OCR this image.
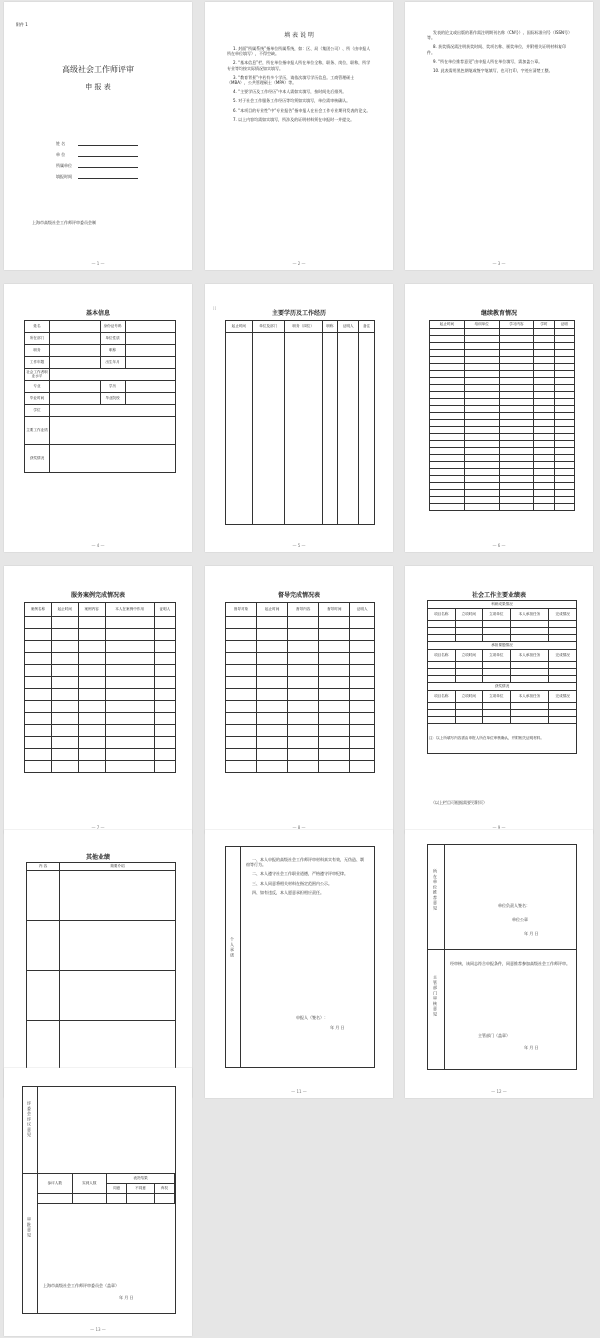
附件 1
高级社会工作师评审
申 报 表
姓 名
单 位
所属单位
填报时间
上海市高级社会工作师评审委员会制
— 1 —
填 表 说 明
1. 封面“所属系统”指单位所属系统，如：区、局（集团公司）、所（由申报人所在单位填写），不得空缺。
2. “基本信息”栏，所在单位指申报人所在单位全称，职务、岗位，职称，所学专业等均按实际情况如实填写。
3. “教育背景”中若有多个学历，请依次填写学历信息。工商管理硕士（MBA），公共管理硕士（MPA）等。
4. “主要学历及工作经历”中本人需如实填写，按时间先后排列。
5. 对于社会工作服务工作经历等均须如实填写，单位需审核确认。
6. “本项目的专业性”中“专业报告”指申报人在社会工作专业期刊发表的论文。
7. 以上内容均需如实填写，所涉及的证明材料须在申报时一并提交。
— 2 —
发表的论文或出版的著作需注明期刊名称（CN号）、国际标准刊号（ISSN号）等。
8. 获奖情况需注明获奖时间、奖项名称、颁奖单位，并附相关证明材料复印件。
9. “所在单位推荐意见”由申报人所在单位填写，需加盖公章。
10. 此表需用黑色钢笔或签字笔填写，也可打印，字迹应清楚工整。
— 3 —
基本信息
姓名		身份证号码	
所在部门		单位性质	
职务		职称	
工作年限		出生年月	
社会工作者职业水平			
专业		学历	
毕业时间		毕业院校	
学位			
主要工作业绩			
获奖情况			
— 4 —
主要学历及工作经历
起止时间	单位及部门	职务（岗位）	职称	证明人	备注

⁞⁞
— 5 —
继续教育情况
起止时间	培训单位	学习内容	学时	证明

— 6 —
服务案例完成情况表
案例名称	起止时间	案例内容	本人在案例中作用	证明人

— 7 —
督导完成情况表
督导对象	起止时间	督导内容	督导时间	证明人

— 8 —
社会工作主要业绩表
科研成果情况				
项目名称	立项时间	立项单位	本人承担任务	完成情况

承担课题情况				
项目名称	立项时间	立项单位	本人承担任务	完成情况

获奖情况				
项目名称	立项时间	立项单位	本人承担任务	完成情况

注：以上所填写内容需由申报人所在单位审核确认，并附相关证明材料。				
（以上栏目可根据需要另附页）
— 9 —
其他业绩
内 容	简要介绍

个 人 承 诺
一、本人申报的高级社会工作师评审材料真实有效，无伪造、剽窃等行为。
二、本人遵守社会工作职业道德，严格遵守评审纪律。
三、本人同意将相关材料在指定范围内公示。
四、如有违反，本人愿意承担相应责任。
申报人（签名）：
年 月 日
— 11 —
所 在 单 位 推 荐 意 见
主 管 部 门 审 核 意 见
单位负责人签名：
单位公章
年 月 日
经审核，该同志符合申报条件，同意推荐参加高级社会工作师评审。
主管部门（盖章）
年 月 日
— 12 —
评 委 会 评 议 意 见
审 批 意 见
参评人数	实到人数	表决结果		
		同意	不同意	弃权

上海市高级社会工作师评审委员会（盖章）
年 月 日
— 13 —
